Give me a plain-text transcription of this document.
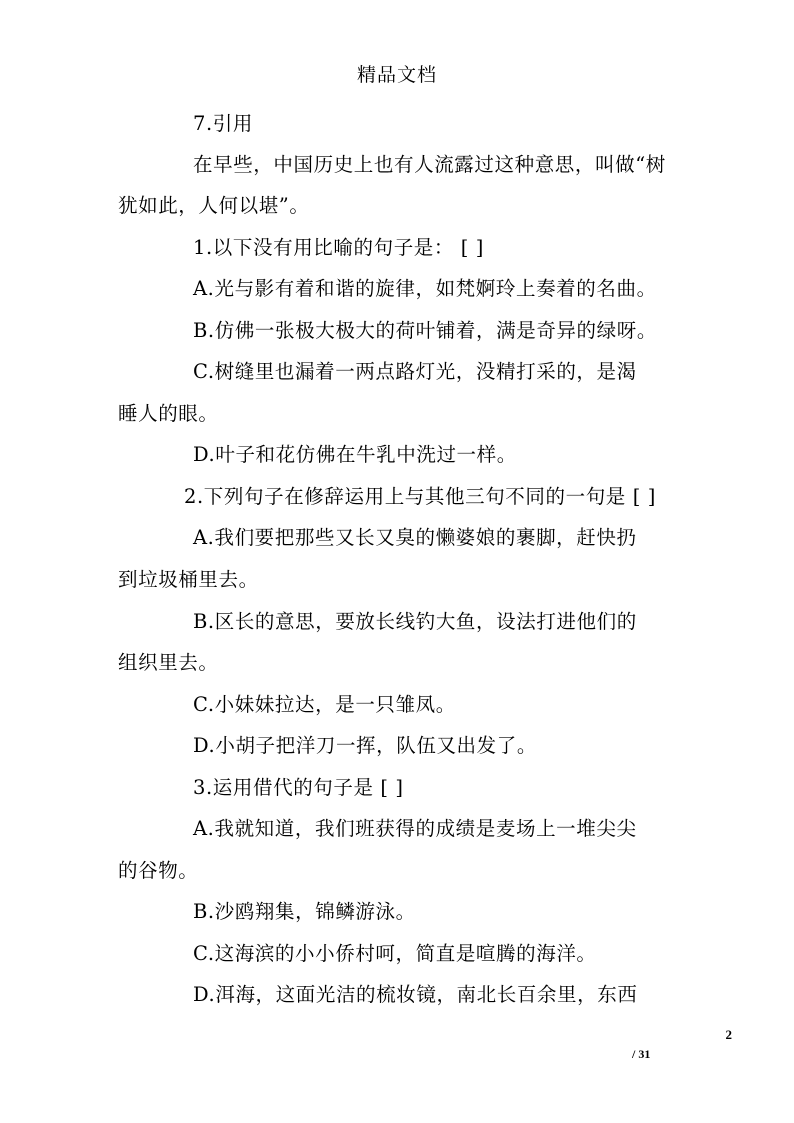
精品文档
7.引用
在早些，中国历史上也有人流露过这种意思，叫做“树
犹如此，人何以堪”。
1.以下没有用比喻的句子是： [ ]
A.光与影有着和谐的旋律，如梵婀玲上奏着的名曲。
B.仿佛一张极大极大的荷叶铺着，满是奇异的绿呀。
C.树缝里也漏着一两点路灯光，没精打采的，是渴
睡人的眼。
D.叶子和花仿佛在牛乳中洗过一样。
2.下列句子在修辞运用上与其他三句不同的一句是 [ ]
A.我们要把那些又长又臭的懒婆娘的裹脚，赶快扔
到垃圾桶里去。
B.区长的意思，要放长线钓大鱼，设法打进他们的
组织里去。
C.小妹妹拉达，是一只雏凤。
D.小胡子把洋刀一挥，队伍又出发了。
3.运用借代的句子是 [ ]
A.我就知道，我们班获得的成绩是麦场上一堆尖尖
的谷物。
B.沙鸥翔集，锦鳞游泳。
C.这海滨的小小侨村呵，简直是喧腾的海洋。
D.洱海，这面光洁的梳妆镜，南北长百余里，东西
2
/ 31
